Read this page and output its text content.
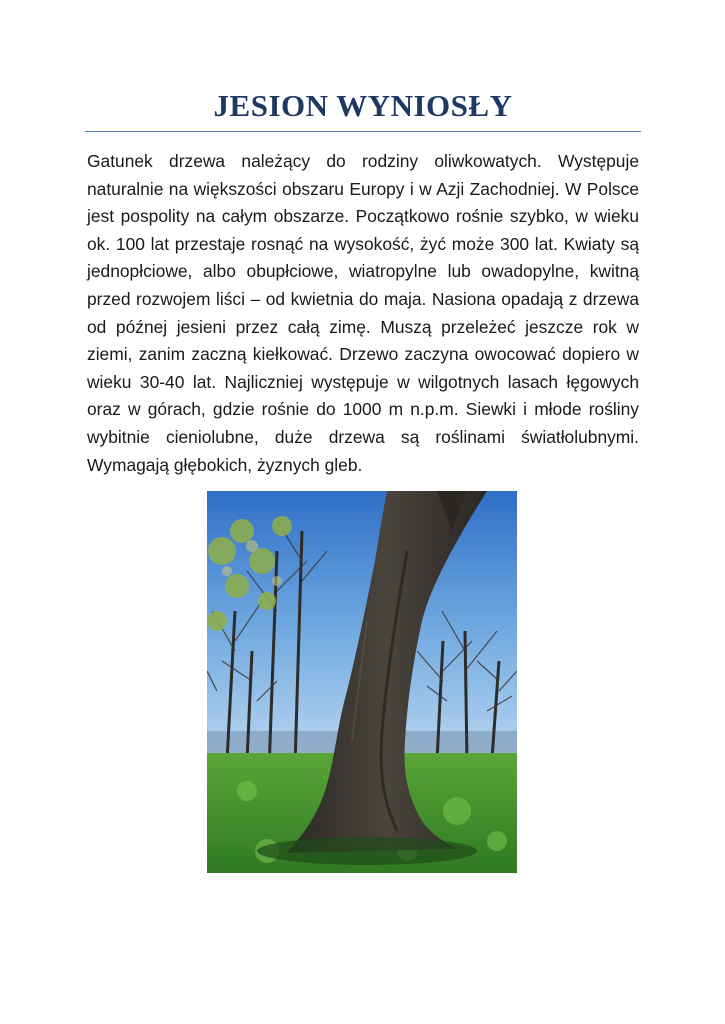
JESION WYNIOSŁY

Gatunek drzewa należący do rodziny oliwkowatych. Występuje naturalnie na większości obszaru Europy i w Azji Zachodniej. W Polsce jest pospolity na całym obszarze. Początkowo rośnie szybko, w wieku ok. 100 lat przestaje rosnąć na wysokość, żyć może 300 lat. Kwiaty są jednopłciowe, albo obupłciowe, wiatropylne lub owadopylne, kwitną przed rozwojem liści – od kwietnia do maja. Nasiona opadają z drzewa od późnej jesieni przez całą zimę. Muszą przeleżeć jeszcze rok w ziemi, zanim zaczną kiełkować. Drzewo zaczyna owocować dopiero w wieku 30-40 lat. Najliczniej występuje w wilgotnych lasach łęgowych oraz w górach, gdzie rośnie do 1000 m n.p.m. Siewki i młode rośliny wybitnie cieniolubne, duże drzewa są roślinami światłolubnymi. Wymagają głębokich, żyznych gleb.
